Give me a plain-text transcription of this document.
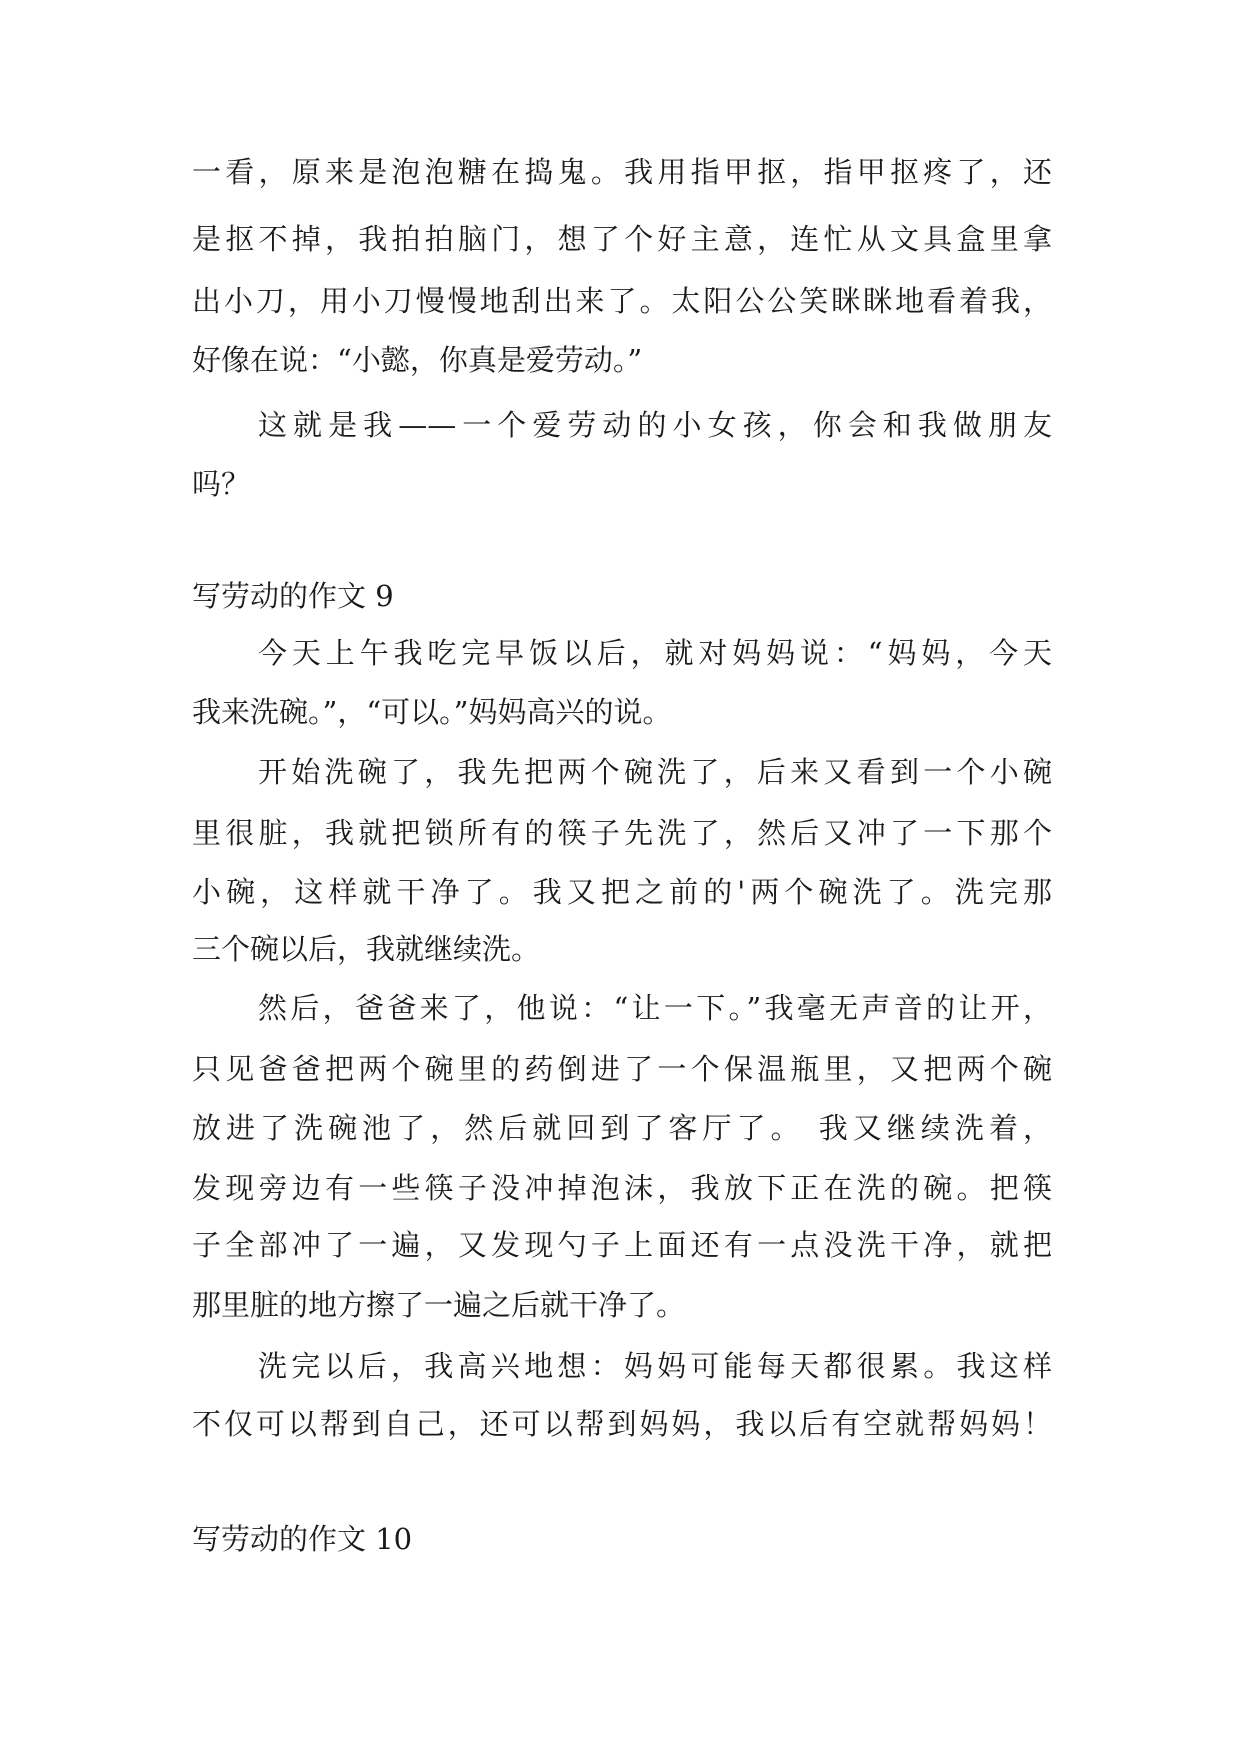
一看，原来是泡泡糖在捣鬼。我用指甲抠，指甲抠疼了，还
是抠不掉，我拍拍脑门，想了个好主意，连忙从文具盒里拿
出小刀，用小刀慢慢地刮出来了。太阳公公笑眯眯地看着我，
好像在说：“小懿，你真是爱劳动。”
这就是我——一个爱劳动的小女孩，你会和我做朋友
吗？
写劳动的作文 9
今天上午我吃完早饭以后，就对妈妈说：“妈妈，今天
我来洗碗。”，“可以。”妈妈高兴的说。
开始洗碗了，我先把两个碗洗了，后来又看到一个小碗
里很脏，我就把锁所有的筷子先洗了，然后又冲了一下那个
小碗，这样就干净了。我又把之前的'两个碗洗了。洗完那
三个碗以后，我就继续洗。
然后，爸爸来了，他说：“让一下。”我毫无声音的让开，
只见爸爸把两个碗里的药倒进了一个保温瓶里，又把两个碗
放进了洗碗池了，然后就回到了客厅了。 我又继续洗着，
发现旁边有一些筷子没冲掉泡沫，我放下正在洗的碗。把筷
子全部冲了一遍，又发现勺子上面还有一点没洗干净，就把
那里脏的地方擦了一遍之后就干净了。
洗完以后，我高兴地想：妈妈可能每天都很累。我这样
不仅可以帮到自己，还可以帮到妈妈，我以后有空就帮妈妈！
写劳动的作文 10
